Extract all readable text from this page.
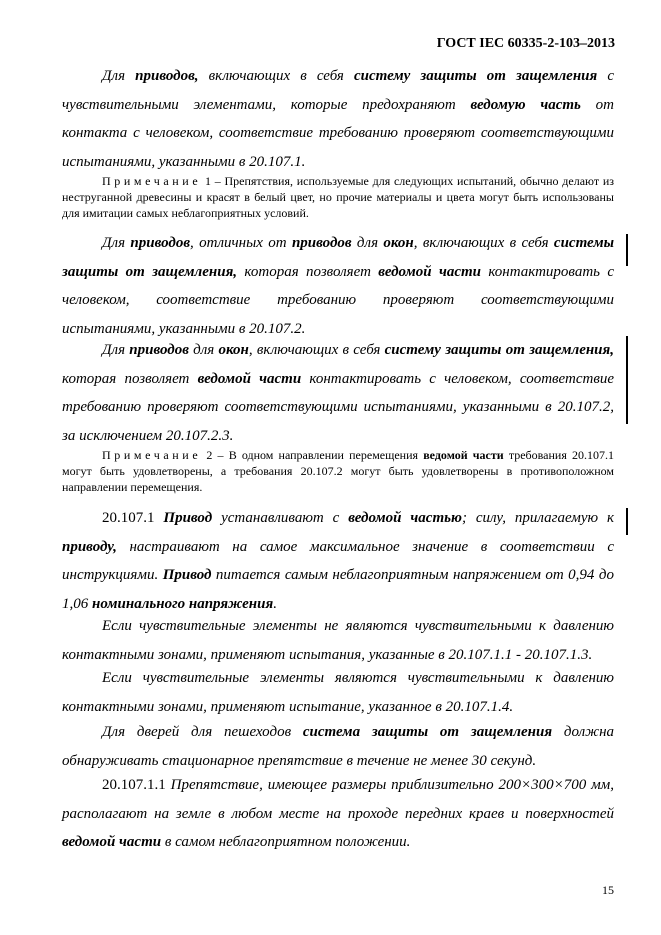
ГОСТ IEC 60335-2-103–2013
Для приводов, включающих в себя систему защиты от защемления с чувствительными элементами, которые предохраняют ведомую часть от контакта с человеком, соответствие требованию проверяют соответствующими испытаниями, указанными в 20.107.1.
Примечание 1 – Препятствия, используемые для следующих испытаний, обычно делают из неструганной древесины и красят в белый цвет, но прочие материалы и цвета могут быть использованы для имитации самых неблагоприятных условий.
Для приводов, отличных от приводов для окон, включающих в себя системы защиты от защемления, которая позволяет ведомой части контактировать с человеком, соответствие требованию проверяют соответствующими испытаниями, указанными в 20.107.2.
Для приводов для окон, включающих в себя систему защиты от защемления, которая позволяет ведомой части контактировать с человеком, соответствие требованию проверяют соответствующими испытаниями, указанными в 20.107.2, за исключением 20.107.2.3.
Примечание 2 – В одном направлении перемещения ведомой части требования 20.107.1 могут быть удовлетворены, а требования 20.107.2 могут быть удовлетворены в противоположном направлении перемещения.
20.107.1 Привод устанавливают с ведомой частью; силу, прилагаемую к приводу, настраивают на самое максимальное значение в соответствии с инструкциями. Привод питается самым неблагоприятным напряжением от 0,94 до 1,06 номинального напряжения.
Если чувствительные элементы не являются чувствительными к давлению контактными зонами, применяют испытания, указанные в 20.107.1.1 - 20.107.1.3.
Если чувствительные элементы являются чувствительными к давлению контактными зонами, применяют испытание, указанное в 20.107.1.4.
Для дверей для пешеходов система защиты от защемления должна обнаруживать стационарное препятствие в течение не менее 30 секунд.
20.107.1.1 Препятствие, имеющее размеры приблизительно 200×300×700 мм, располагают на земле в любом месте на проходе передних краев и поверхностей ведомой части в самом неблагоприятном положении.
15
